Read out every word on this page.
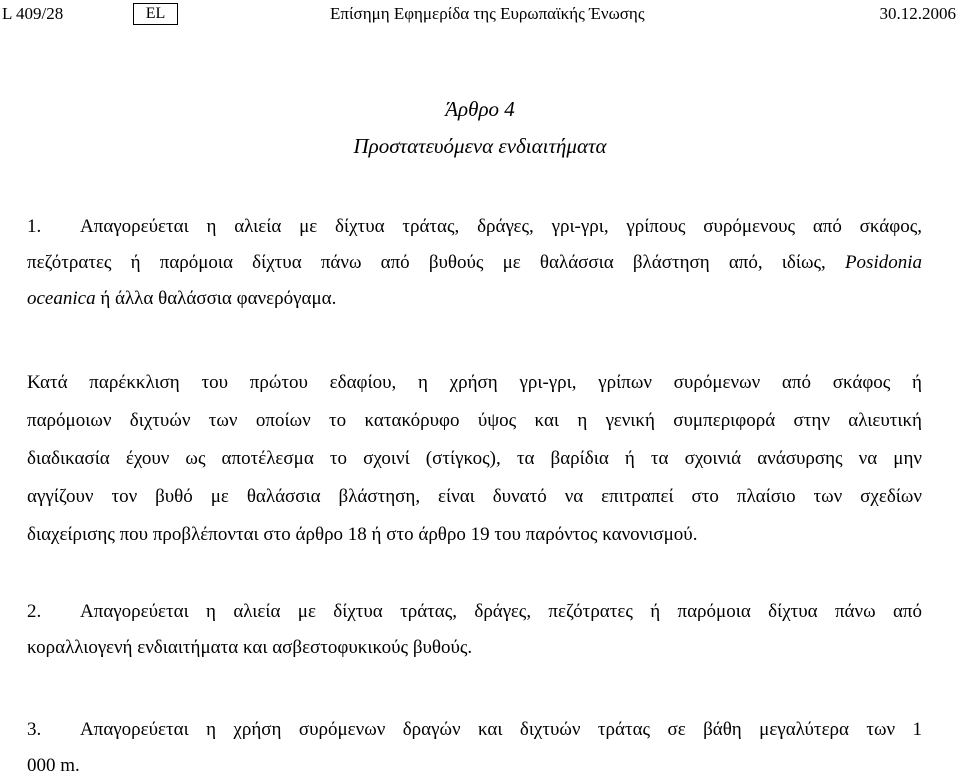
L 409/28	EL	Επίσημη Εφημερίδα της Ευρωπαϊκής Ένωσης	30.12.2006
Άρθρο 4
Προστατευόμενα ενδιαιτήματα
1. Απαγορεύεται η αλιεία με δίχτυα τράτας, δράγες, γρι-γρι, γρίπους συρόμενους από σκάφος,
πεζότρατες ή παρόμοια δίχτυα πάνω από βυθούς με θαλάσσια βλάστηση από, ιδίως, Posidonia
oceanica ή άλλα θαλάσσια φανερόγαμα.
Κατά παρέκκλιση του πρώτου εδαφίου, η χρήση γρι-γρι, γρίπων συρόμενων από σκάφος ή
παρόμοιων διχτυών των οποίων το κατακόρυφο ύψος και η γενική συμπεριφορά στην αλιευτική
διαδικασία έχουν ως αποτέλεσμα το σχοινί (στίγκος), τα βαρίδια ή τα σχοινιά ανάσυρσης να μην
αγγίζουν τον βυθό με θαλάσσια βλάστηση, είναι δυνατό να επιτραπεί στο πλαίσιο των σχεδίων
διαχείρισης που προβλέπονται στο άρθρο 18 ή στο άρθρο 19 του παρόντος κανονισμού.
2. Απαγορεύεται η αλιεία με δίχτυα τράτας, δράγες, πεζότρατες ή παρόμοια δίχτυα πάνω από
κοραλλιογενή ενδιαιτήματα και ασβεστοφυκικούς βυθούς.
3. Απαγορεύεται η χρήση συρόμενων δραγών και διχτυών τράτας σε βάθη μεγαλύτερα των 1
000 m.
